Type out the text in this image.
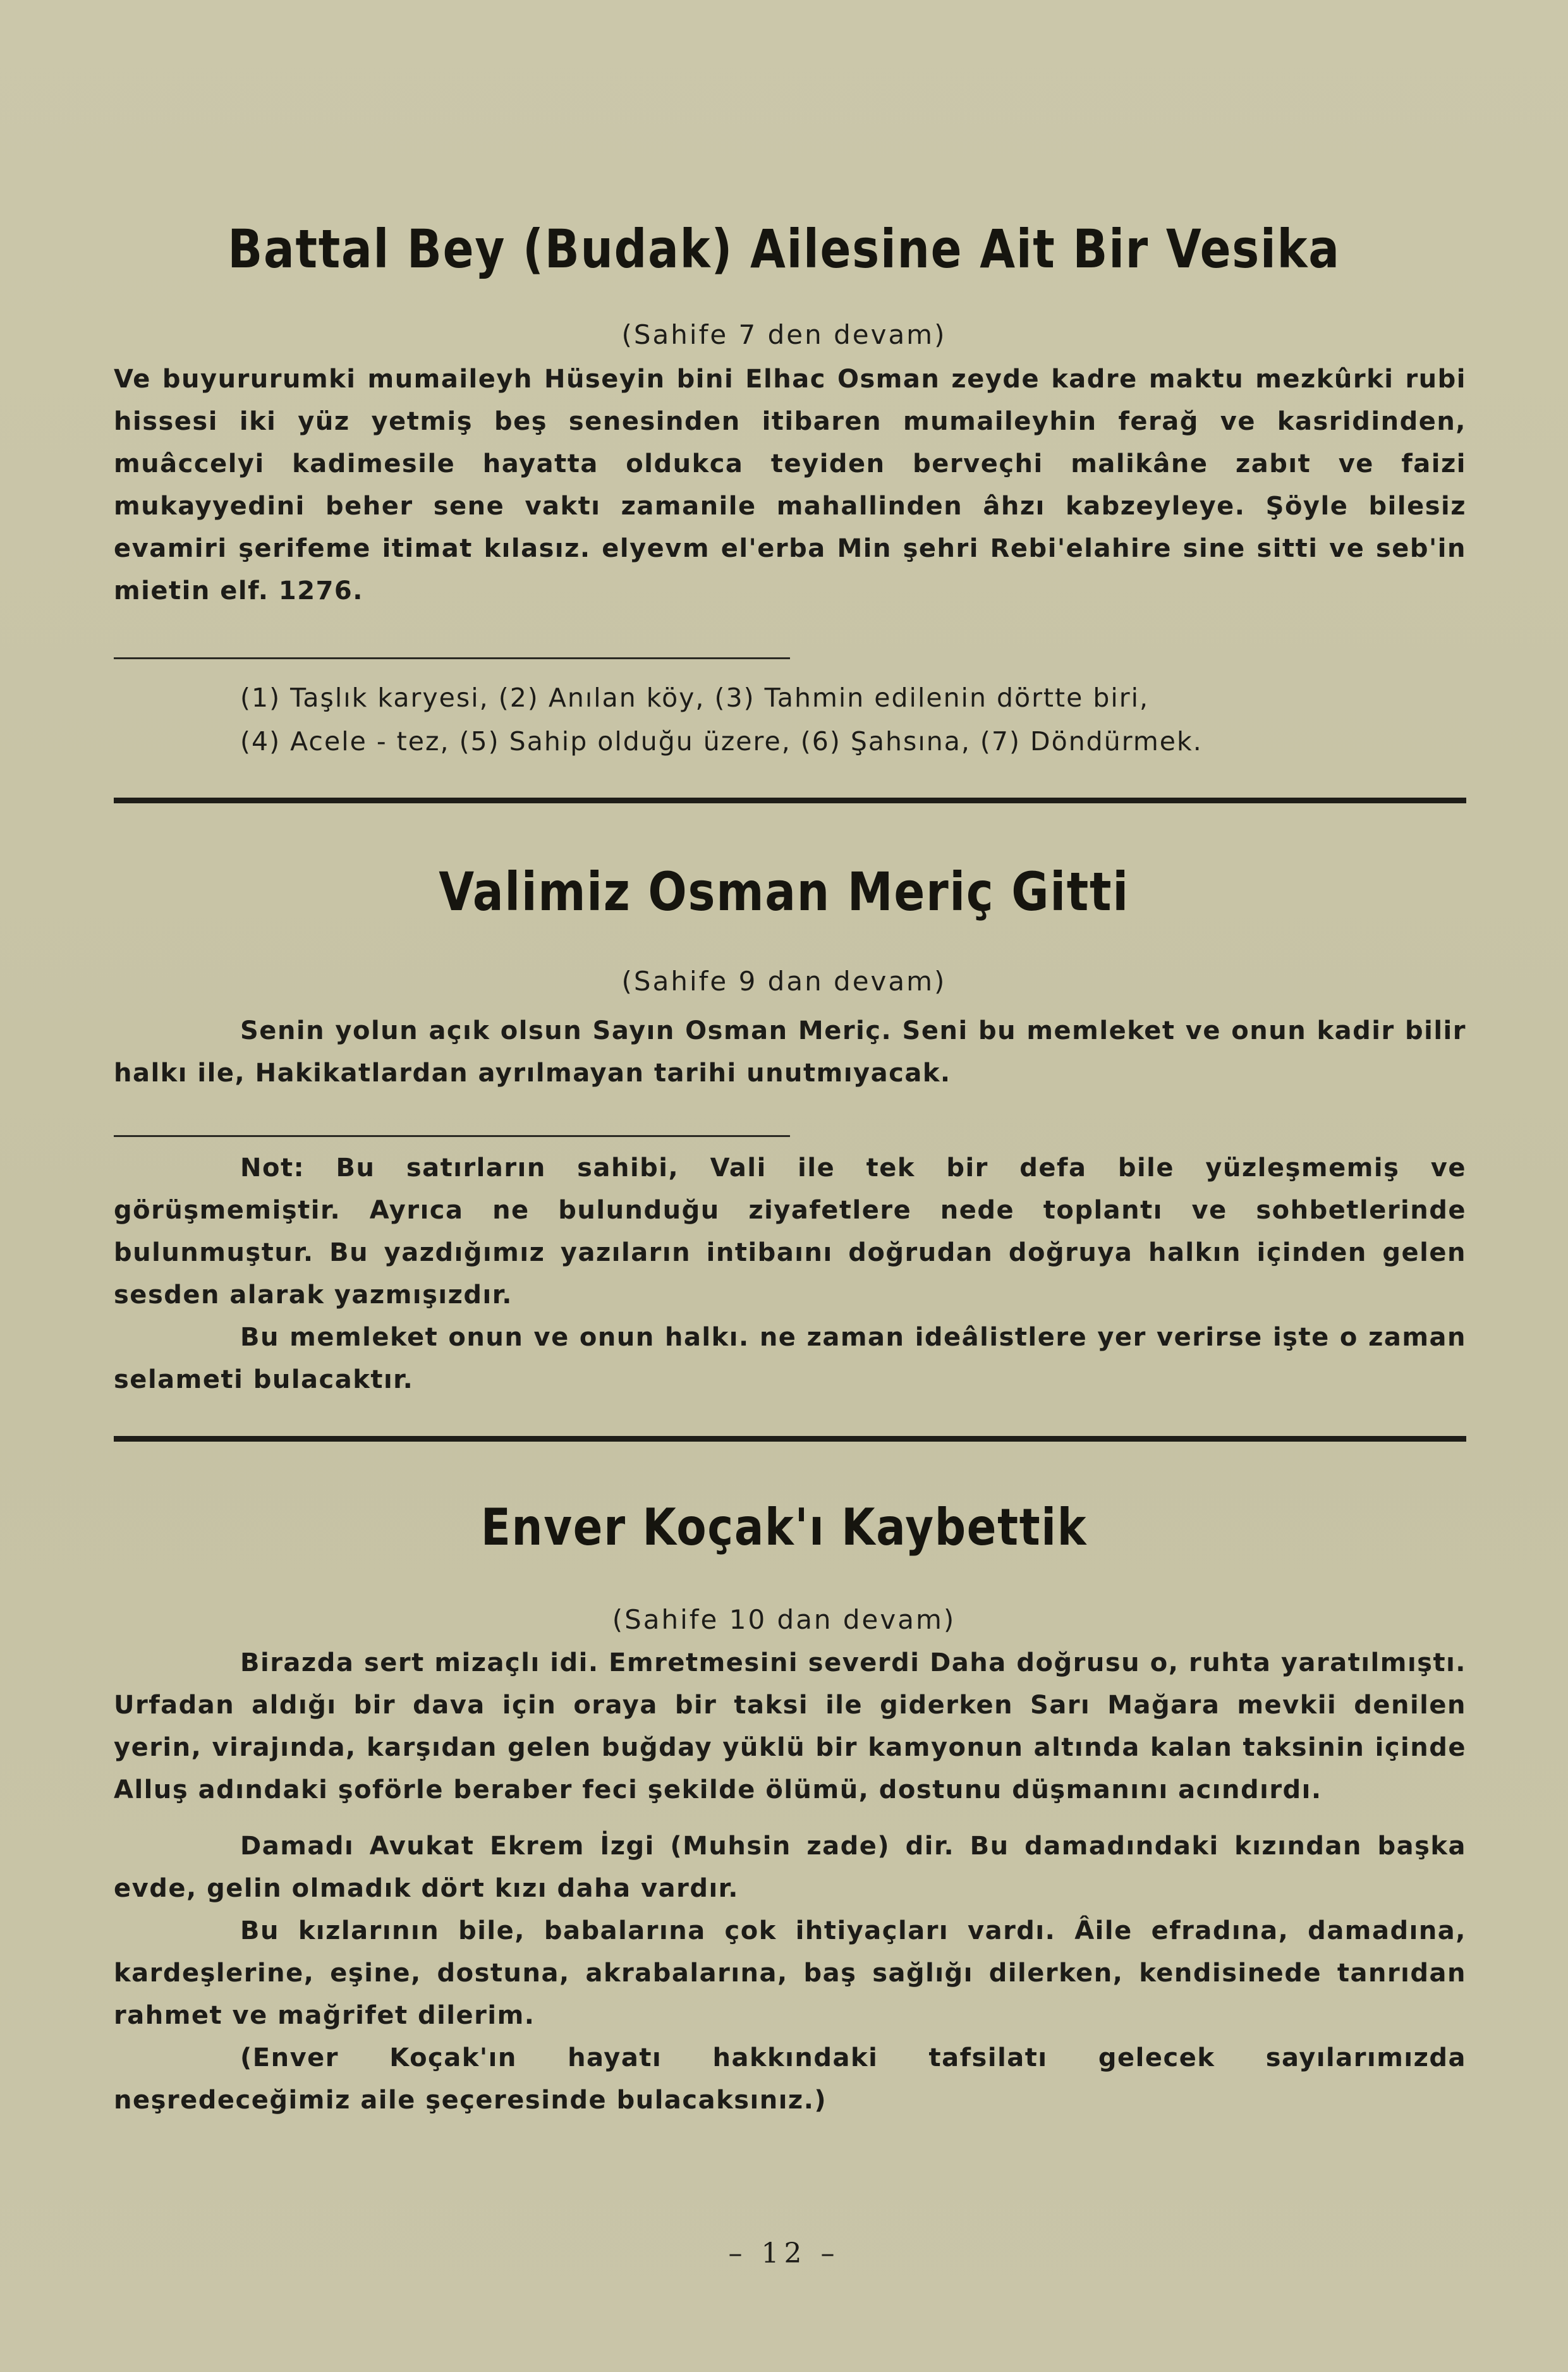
Battal Bey (Budak) Ailesine Ait Bir Vesika
(Sahife 7 den devam)

Ve buyururumki mumaileyh Hüseyin bini Elhac Osman zeyde kadre maktu mezkûrki rubi hissesi iki yüz yetmiş beş senesinden itibaren mumaileyhin ferağ ve kasridinden, muâccelyi kadimesile hayatta oldukca teyiden berveçhi malikâne zabıt ve faizi mukayyedini beher sene vaktı zamanile mahallinden âhzı kabzeyleye. Şöyle bilesiz evamiri şerifeme itimat kılasız. elyevm el'erba Min şehri Rebi'elahire sine sitti ve seb'in mietin elf. 1276.

(1) Taşlık karyesi, (2) Anılan köy, (3) Tahmin edilenin dörtte biri,

(4) Acele - tez, (5) Sahip olduğu üzere, (6) Şahsına, (7) Döndürmek.

Valimiz Osman Meriç Gitti
(Sahife 9 dan devam)

Senin yolun açık olsun Sayın Osman Meriç. Seni bu memleket ve onun kadir bilir halkı ile, Hakikatlardan ayrılmayan tarihi unutmıyacak.

Not: Bu satırların sahibi, Vali ile tek bir defa bile yüzleşmemiş ve görüşmemiştir. Ayrıca ne bulunduğu ziyafetlere nede toplantı ve sohbetlerinde bulunmuştur. Bu yazdığımız yazıların intibaını doğrudan doğruya halkın içinden gelen sesden alarak yazmışızdır.

Bu memleket onun ve onun halkı. ne zaman ideâlistlere yer verirse işte o zaman selameti bulacaktır.

Enver Koçak'ı Kaybettik
(Sahife 10 dan devam)

Birazda sert mizaçlı idi. Emretmesini severdi Daha doğrusu o, ruhta yaratılmıştı. Urfadan aldığı bir dava için oraya bir taksi ile giderken Sarı Mağara mevkii denilen yerin, virajında, karşıdan gelen buğday yüklü bir kamyonun altında kalan taksinin içinde Alluş adındaki şoförle beraber feci şekilde ölümü, dostunu düşmanını acındırdı.

Damadı Avukat Ekrem İzgi (Muhsin zade) dir. Bu damadındaki kızından başka evde, gelin olmadık dört kızı daha vardır.

Bu kızlarının bile, babalarına çok ihtiyaçları vardı. Âile efradına, damadına, kardeşlerine, eşine, dostuna, akrabalarına, baş sağlığı dilerken, kendisinede tanrıdan rahmet ve mağrifet dilerim.

(Enver Koçak'ın hayatı hakkındaki tafsilatı gelecek sayılarımızda neşredeceğimiz aile şeçeresinde bulacaksınız.)

– 12 –
